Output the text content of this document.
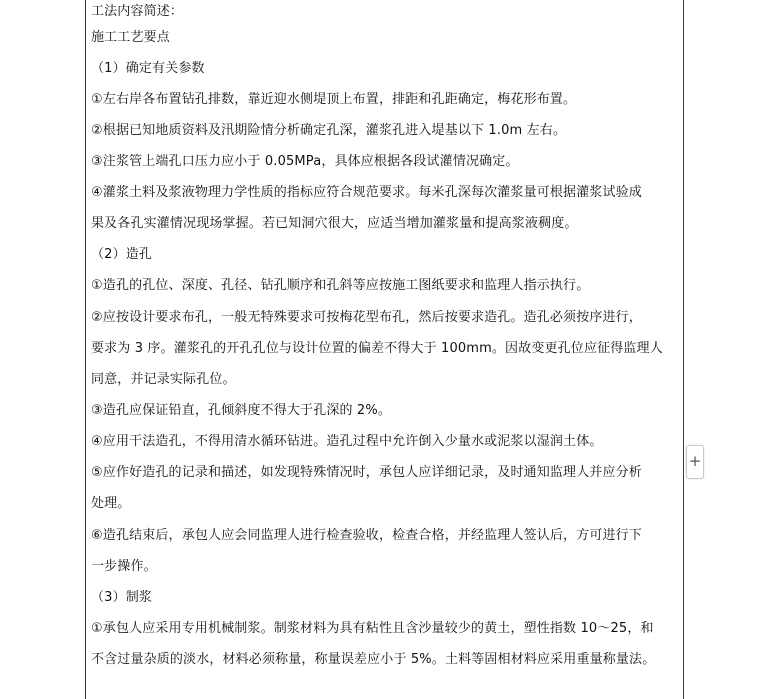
工法内容简述：
施工工艺要点
（1）确定有关参数
①左右岸各布置钻孔排数，靠近迎水侧堤顶上布置，排距和孔距确定，梅花形布置。
②根据已知地质资料及汛期险情分析确定孔深，灌浆孔进入堤基以下 1.0m 左右。
③注浆管上端孔口压力应小于 0.05MPa，具体应根据各段试灌情况确定。
④灌浆土料及浆液物理力学性质的指标应符合规范要求。每米孔深每次灌浆量可根据灌浆试验成
果及各孔实灌情况现场掌握。若已知洞穴很大，应适当增加灌浆量和提高浆液稠度。
（2）造孔
①造孔的孔位、深度、孔径、钻孔顺序和孔斜等应按施工图纸要求和监理人指示执行。
②应按设计要求布孔，一般无特殊要求可按梅花型布孔，然后按要求造孔。造孔必须按序进行，
要求为 3 序。灌浆孔的开孔孔位与设计位置的偏差不得大于 100mm。因故变更孔位应征得监理人
同意，并记录实际孔位。
③造孔应保证铅直，孔倾斜度不得大于孔深的 2%。
④应用干法造孔，不得用清水循环钻进。造孔过程中允许倒入少量水或泥浆以湿润土体。
⑤应作好造孔的记录和描述，如发现特殊情况时，承包人应详细记录，及时通知监理人并应分析
处理。
⑥造孔结束后，承包人应会同监理人进行检查验收，检查合格，并经监理人签认后，方可进行下
一步操作。
（3）制浆
①承包人应采用专用机械制浆。制浆材料为具有粘性且含沙量较少的黄土，塑性指数 10～25，和
不含过量杂质的淡水，材料必须称量，称量误差应小于 5%。土料等固相材料应采用重量称量法。
+
